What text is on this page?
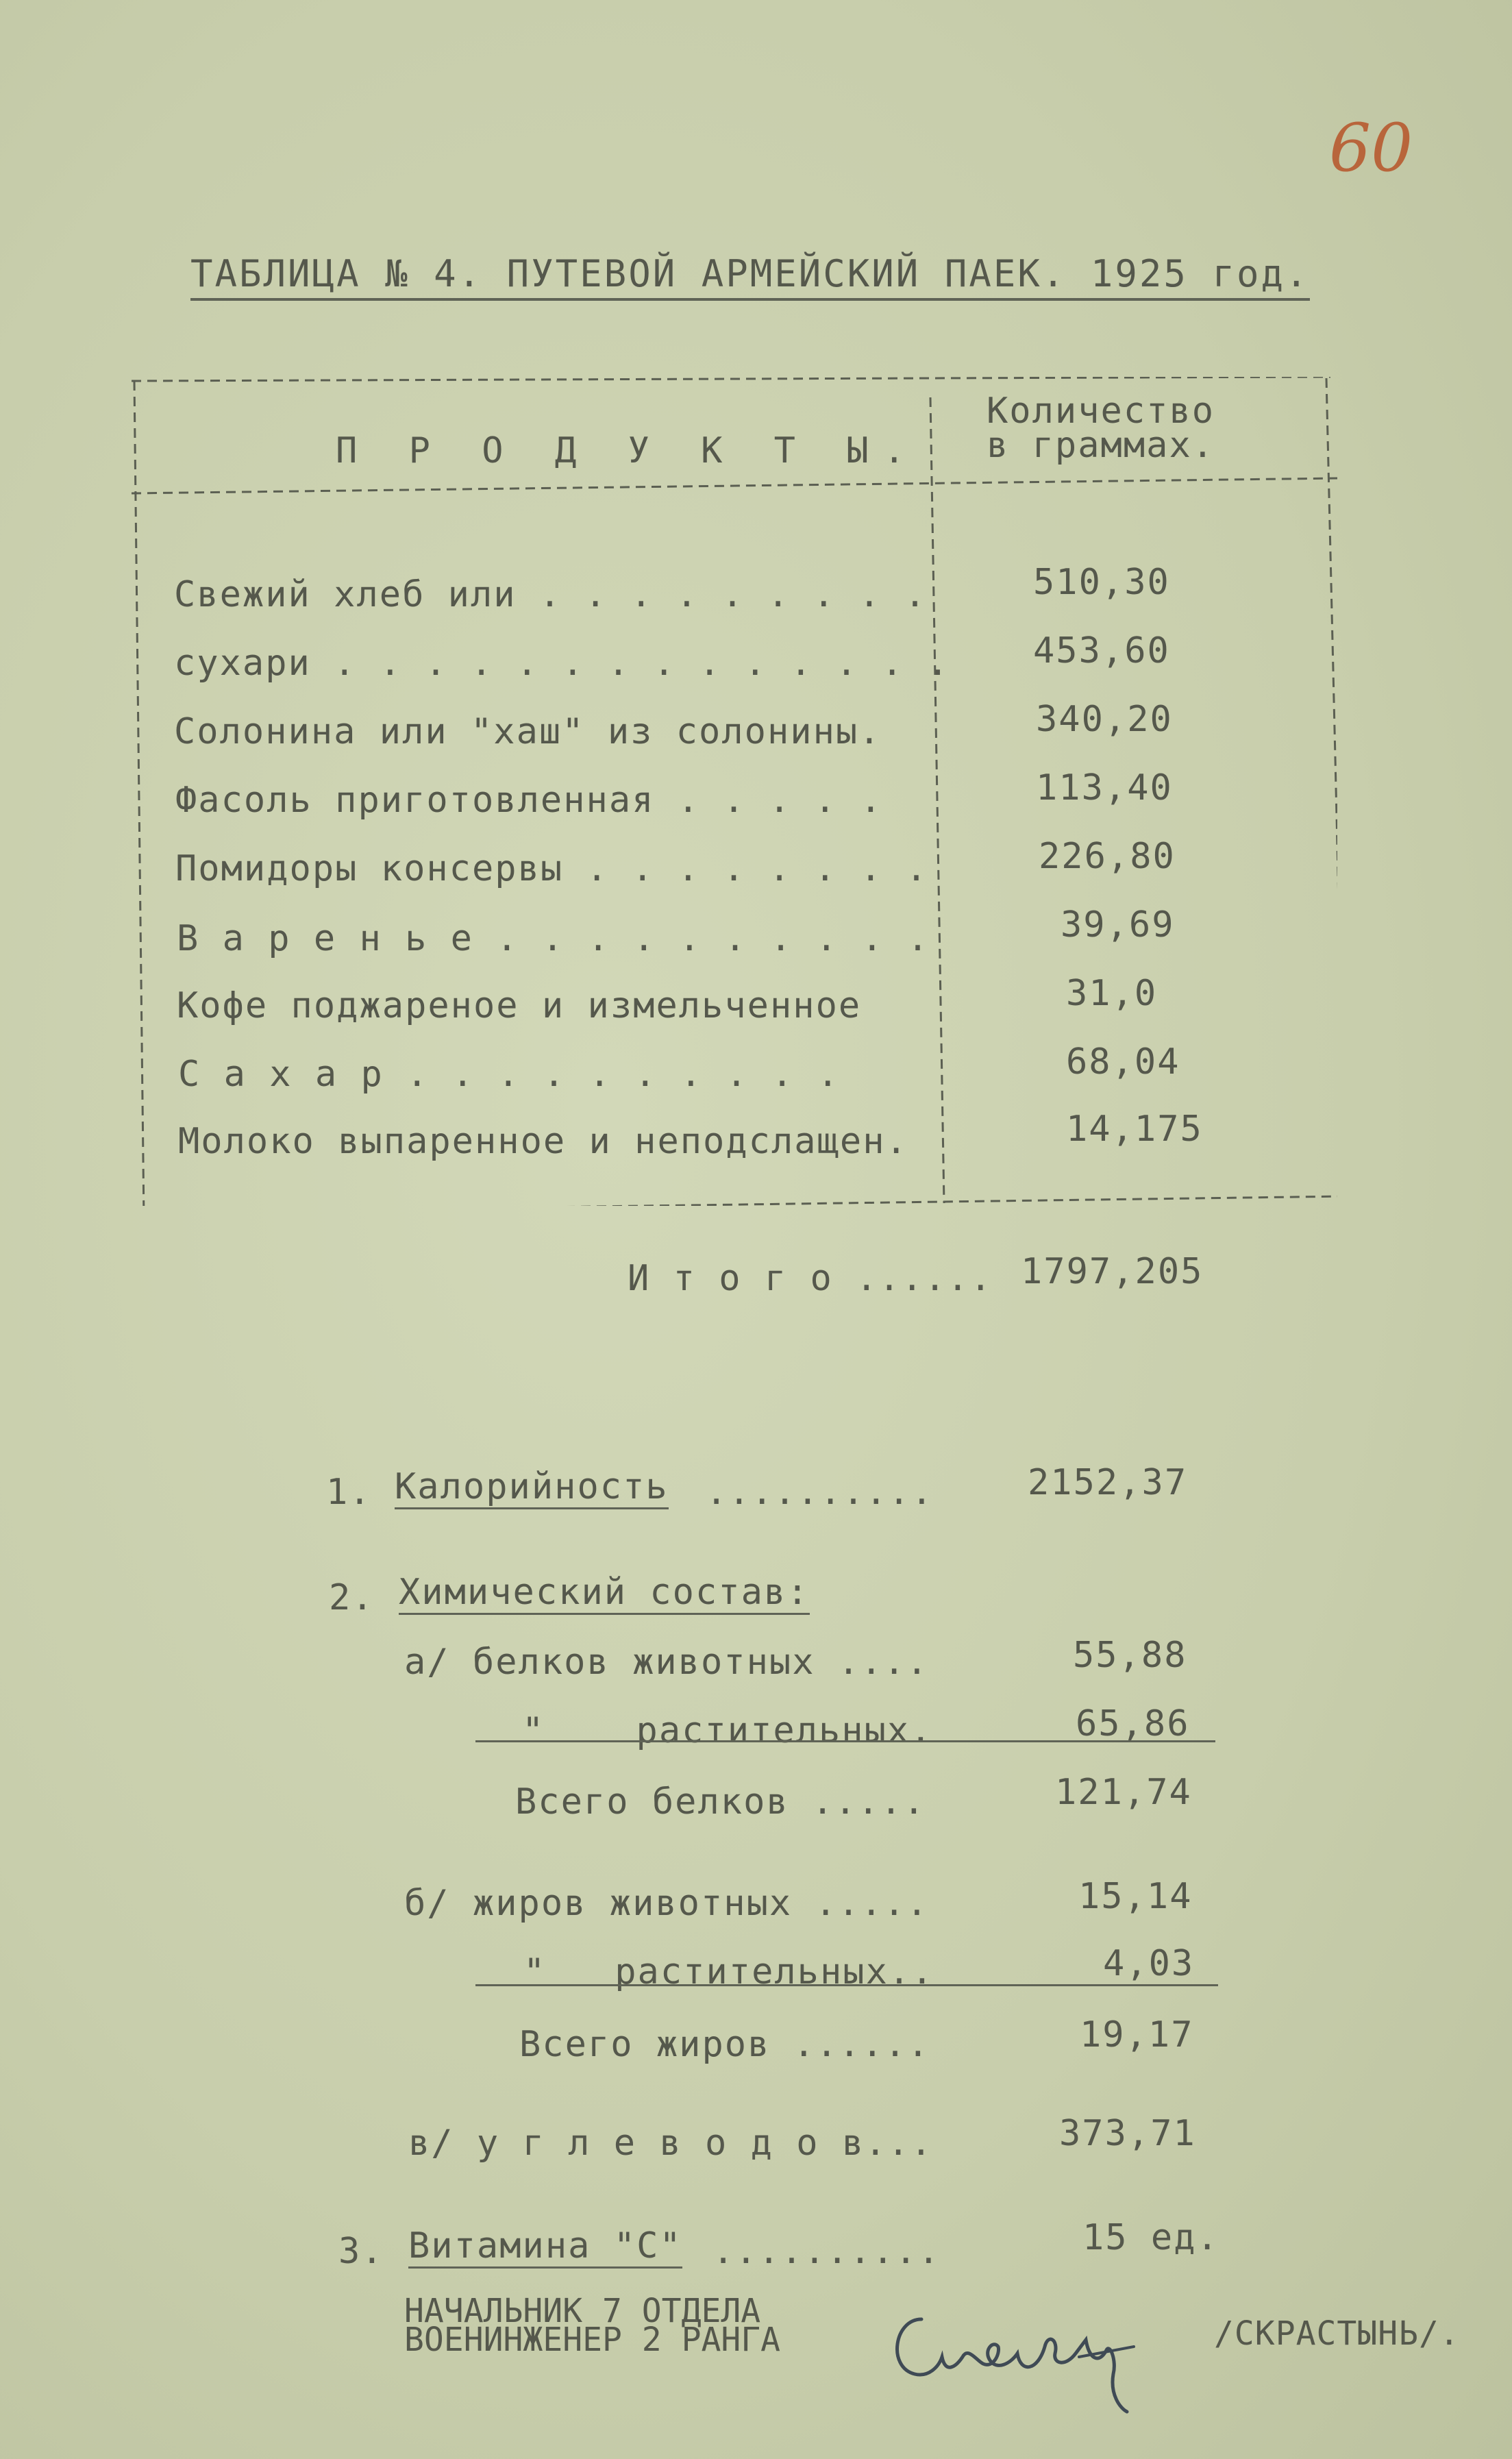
60
ТАБЛИЦА № 4. ПУТЕВОЙ АРМЕЙСКИЙ ПАЕК. 1925 год.
П Р О Д У К Т Ы.
Количество
в граммах.
Свежий хлеб или . . . . . . . . .	510,30
сухари . . . . . . . . . . . . . . 453,60
Солонина или "хаш" из солонины.	340,20
Фасоль приготовленная . . . . .	113,40
Помидоры консервы . . . . . . . .	226,80
В а р е н ь е . . . . . . . . . .	39,69
Кофе поджареное и измельченное	31,0
С а х а р . . . . . . . . . .	68,04
Молоко выпаренное и неподслащен.	14,175
И т о г о ...... 1797,205
1. Калорийность ..........	2152,37
2. Химический состав:
а/ белков животных ....	55,88
"    растительных.	65,86
Всего белков .....	121,74
б/ жиров животных .....	15,14
"   растительных..	4,03
Всего жиров ......	19,17
в/ у г л е в о д о в...	373,71
3. Витамина "С" ..........	15 ед.
НАЧАЛЬНИК 7 ОТДЕЛА
ВОЕНИНЖЕНЕР 2 РАНГА	/СКРАСТЫНЬ/.
